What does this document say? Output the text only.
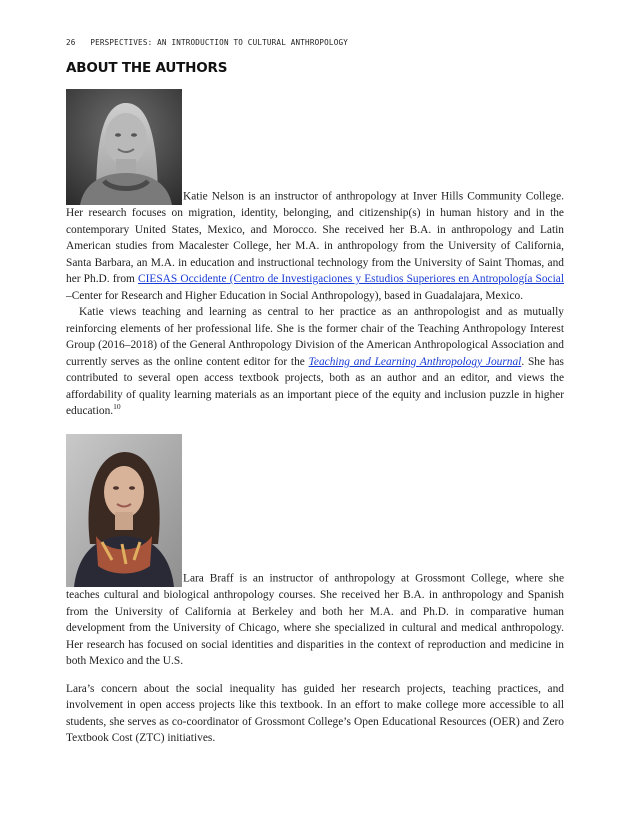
26 PERSPECTIVES: AN INTRODUCTION TO CULTURAL ANTHROPOLOGY
ABOUT THE AUTHORS

Katie Nelson is an instructor of anthropology at Inver Hills Community College. Her research focuses on migration, identity, belonging, and citizenship(s) in human history and in the contemporary United States, Mexico, and Morocco. She received her B.A. in anthropology and Latin American studies from Macalester College, her M.A. in anthropology from the University of California, Santa Barbara, an M.A. in education and instructional technology from the University of Saint Thomas, and her Ph.D. from CIESAS Occidente (Centro de Investigaciones y Estudios Superiores en Antropología Social –Center for Research and Higher Education in Social Anthropology), based in Guadalajara, Mexico.

Katie views teaching and learning as central to her practice as an anthropologist and as mutually reinforcing elements of her professional life. She is the former chair of the Teaching Anthropology Interest Group (2016–2018) of the General Anthropology Division of the American Anthropological Association and currently serves as the online content editor for the Teaching and Learning Anthropology Journal. She has contributed to several open access textbook projects, both as an author and an editor, and views the affordability of quality learning materials as an important piece of the equity and inclusion puzzle in higher education.$^{10}$

Lara Braff is an instructor of anthropology at Grossmont College, where she teaches cultural and biological anthropology courses. She received her B.A. in anthropology and Spanish from the University of California at Berkeley and both her M.A. and Ph.D. in comparative human development from the University of Chicago, where she specialized in cultural and medical anthropology. Her research has focused on social identities and disparities in the context of reproduction and medicine in both Mexico and the U.S.

Lara’s concern about the social inequality has guided her research projects, teaching practices, and involvement in open access projects like this textbook. In an effort to make college more accessible to all students, she serves as co-coordinator of Grossmont College’s Open Educational Resources (OER) and Zero Textbook Cost (ZTC) initiatives.
